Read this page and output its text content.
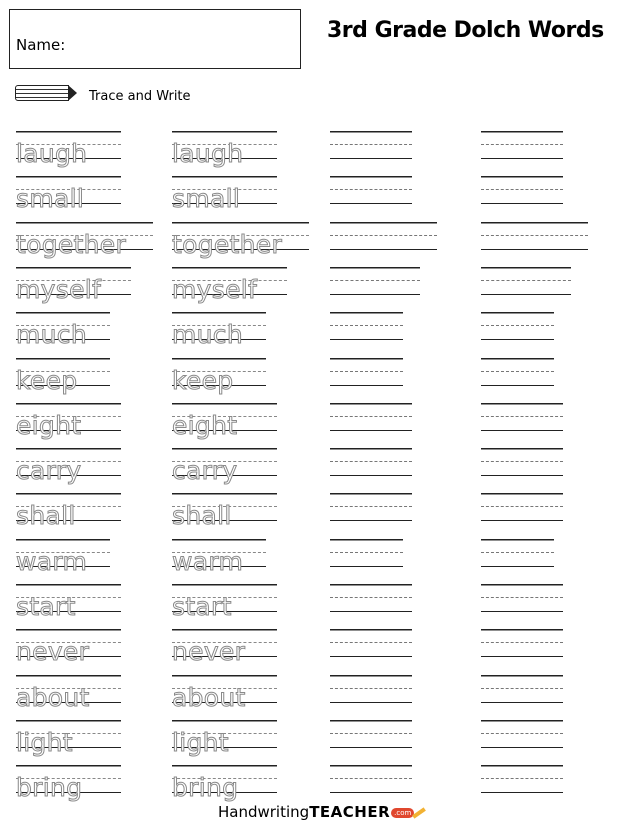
Name:
3rd Grade Dolch Words
Trace and Write
laugh	laugh
small	small
together together
myself	myself
much	much
keep	keep
eight	eight
carry	carry
shall	shall
warm	warm
start	start
never	never
about	about
light	light
bring	bring
HandwritingTEACHER .com
